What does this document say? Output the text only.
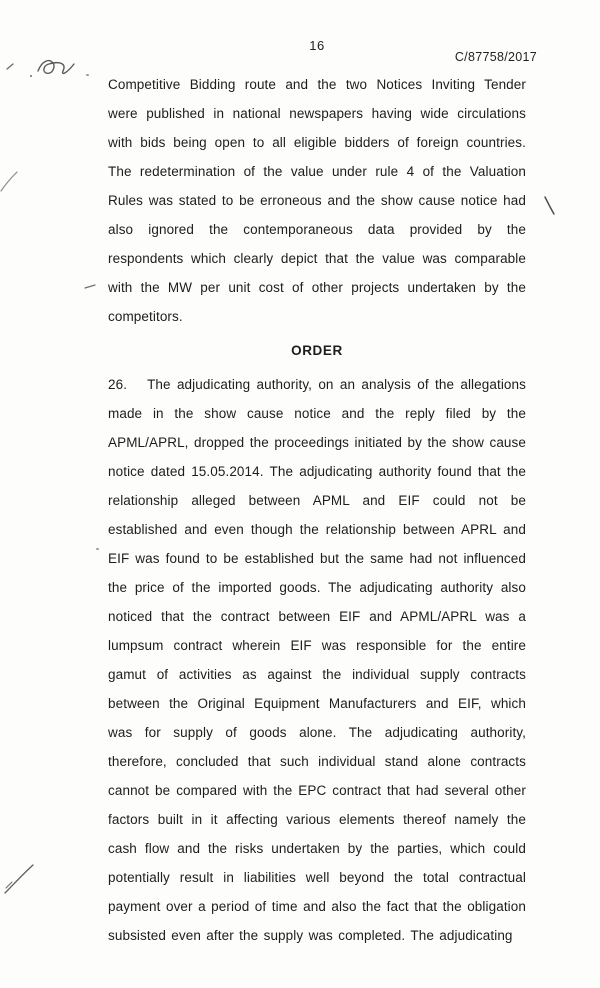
16
C/87758/2017

Competitive Bidding route and the two Notices Inviting Tender were published in national newspapers having wide circulations with bids being open to all eligible bidders of foreign countries. The redetermination of the value under rule 4 of the Valuation Rules was stated to be erroneous and the show cause notice had also ignored the contemporaneous data provided by the respondents which clearly depict that the value was comparable with the MW per unit cost of other projects undertaken by the competitors.

ORDER

26. The adjudicating authority, on an analysis of the allegations made in the show cause notice and the reply filed by the APML/APRL, dropped the proceedings initiated by the show cause notice dated 15.05.2014. The adjudicating authority found that the relationship alleged between APML and EIF could not be established and even though the relationship between APRL and EIF was found to be established but the same had not influenced the price of the imported goods. The adjudicating authority also noticed that the contract between EIF and APML/APRL was a lumpsum contract wherein EIF was responsible for the entire gamut of activities as against the individual supply contracts between the Original Equipment Manufacturers and EIF, which was for supply of goods alone. The adjudicating authority, therefore, concluded that such individual stand alone contracts cannot be compared with the EPC contract that had several other factors built in it affecting various elements thereof namely the cash flow and the risks undertaken by the parties, which could potentially result in liabilities well beyond the total contractual payment over a period of time and also the fact that the obligation subsisted even after the supply was completed. The adjudicating
